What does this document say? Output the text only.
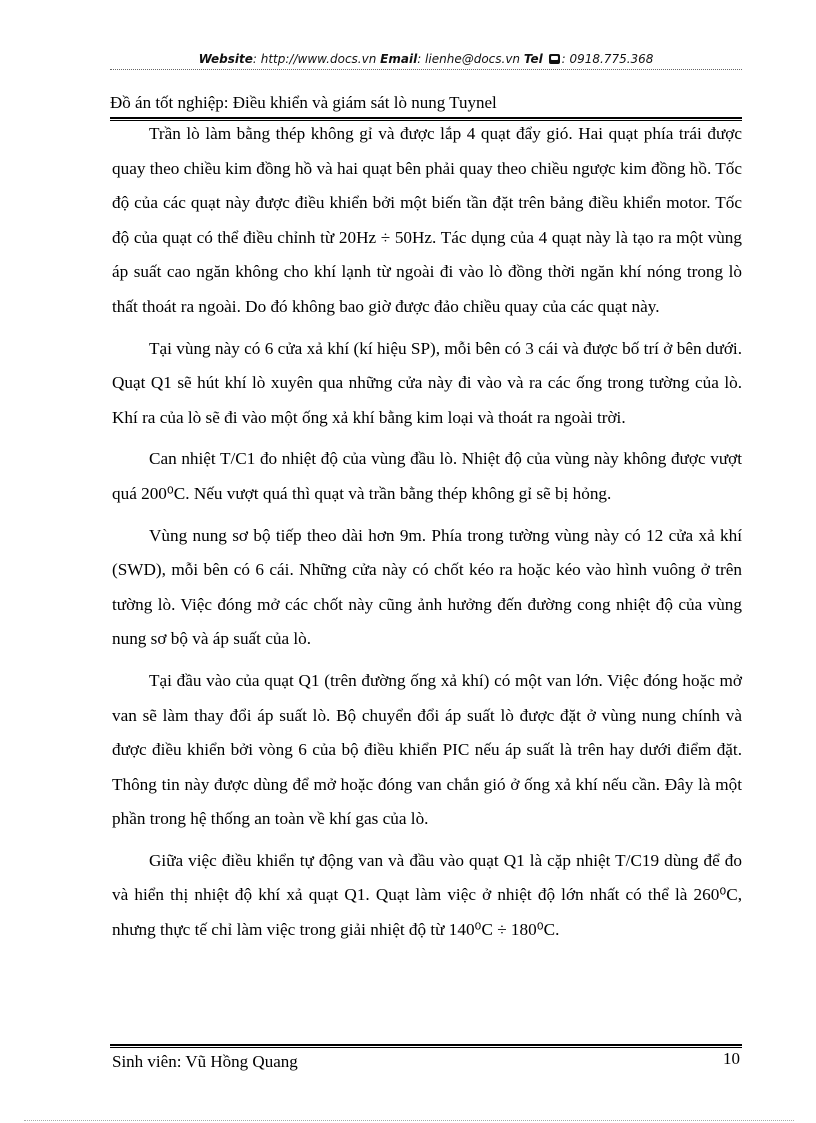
Website: http://www.docs.vn Email: lienhe@docs.vn Tel : 0918.775.368
Đồ án tốt nghiệp: Điều khiển và giám sát lò nung Tuynel

Trần lò làm bằng thép không gỉ và được lắp 4 quạt đẩy gió. Hai quạt phía trái được quay theo chiều kim đồng hồ và hai quạt bên phải quay theo chiều ngược kim đồng hồ. Tốc độ của các quạt này được điều khiển bởi một biến tần đặt trên bảng điều khiển motor. Tốc độ của quạt có thể điều chỉnh từ 20Hz ÷ 50Hz. Tác dụng của 4 quạt này là tạo ra một vùng áp suất cao ngăn không cho khí lạnh từ ngoài đi vào lò đồng thời ngăn khí nóng trong lò thất thoát ra ngoài. Do đó không bao giờ được đảo chiều quay của các quạt này.

Tại vùng này có 6 cửa xả khí (kí hiệu SP), mỗi bên có 3 cái và được bố trí ở bên dưới. Quạt Q1 sẽ hút khí lò xuyên qua những cửa này đi vào và ra các ống trong tường của lò. Khí ra của lò sẽ đi vào một ống xả khí bằng kim loại và thoát ra ngoài trời.

Can nhiệt T/C1 đo nhiệt độ của vùng đầu lò. Nhiệt độ của vùng này không được vượt quá 200⁰C. Nếu vượt quá thì quạt và trần bằng thép không gỉ sẽ bị hỏng.

Vùng nung sơ bộ tiếp theo dài hơn 9m. Phía trong tường vùng này có 12 cửa xả khí (SWD), mỗi bên có 6 cái. Những cửa này có chốt kéo ra hoặc kéo vào hình vuông ở trên tường lò. Việc đóng mở các chốt này cũng ảnh hưởng đến đường cong nhiệt độ của vùng nung sơ bộ và áp suất của lò.

Tại đầu vào của quạt Q1 (trên đường ống xả khí) có một van lớn. Việc đóng hoặc mở van sẽ làm thay đổi áp suất lò. Bộ chuyển đổi áp suất lò được đặt ở vùng nung chính và được điều khiển bởi vòng 6 của bộ điều khiển PIC nếu áp suất là trên hay dưới điểm đặt. Thông tin này được dùng để mở hoặc đóng van chắn gió ở ống xả khí nếu cần. Đây là một phần trong hệ thống an toàn về khí gas của lò.

Giữa việc điều khiển tự động van và đầu vào quạt Q1 là cặp nhiệt T/C19 dùng để đo và hiển thị nhiệt độ khí xả quạt Q1. Quạt làm việc ở nhiệt độ lớn nhất có thể là 260⁰C, nhưng thực tế chỉ làm việc trong giải nhiệt độ từ 140⁰C ÷ 180⁰C.

Sinh viên: Vũ Hồng Quang	10
